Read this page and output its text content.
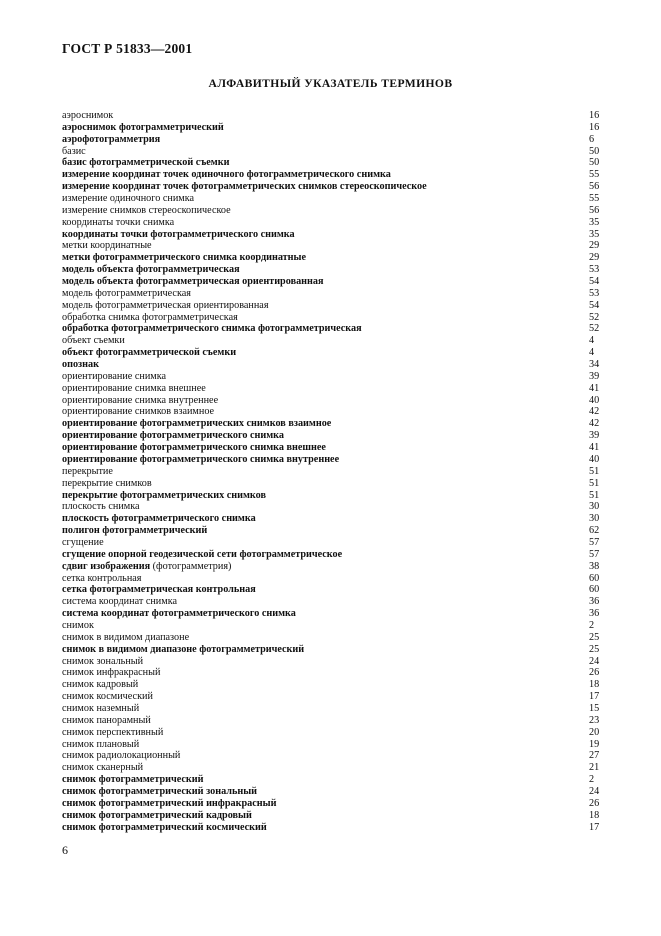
ГОСТ Р 51833—2001
АЛФАВИТНЫЙ УКАЗАТЕЛЬ ТЕРМИНОВ
аэроснимок	16
аэроснимок фотограмметрический	16
аэрофотограмметрия	6
базис	50
базис фотограмметрической съемки	50
измерение координат точек одиночного фотограмметрического снимка	55
измерение координат точек фотограмметрических снимков стереоскопическое	56
измерение одиночного снимка	55
измерение снимков стереоскопическое	56
координаты точки снимка	35
координаты точки фотограмметрического снимка	35
метки координатные	29
метки фотограмметрического снимка координатные	29
модель объекта фотограмметрическая	53
модель объекта фотограмметрическая ориентированная	54
модель фотограмметрическая	53
модель фотограмметрическая ориентированная	54
обработка снимка фотограмметрическая	52
обработка фотограмметрического снимка фотограмметрическая	52
объект съемки	4
объект фотограмметрической съемки	4
опознак	34
ориентирование снимка	39
ориентирование снимка внешнее	41
ориентирование снимка внутреннее	40
ориентирование снимков взаимное	42
ориентирование фотограмметрических снимков взаимное	42
ориентирование фотограмметрического снимка	39
ориентирование фотограмметрического снимка внешнее	41
ориентирование фотограмметрического снимка внутреннее	40
перекрытие	51
перекрытие снимков	51
перекрытие фотограмметрических снимков	51
плоскость снимка	30
плоскость фотограмметрического снимка	30
полигон фотограмметрический	62
сгущение	57
сгущение опорной геодезической сети фотограмметрическое	57
сдвиг изображения (фотограмметрия)	38
сетка контрольная	60
сетка фотограмметрическая контрольная	60
система координат снимка	36
система координат фотограмметрического снимка	36
снимок	2
снимок в видимом диапазоне	25
снимок в видимом диапазоне фотограмметрический	25
снимок зональный	24
снимок инфракрасный	26
снимок кадровый	18
снимок космический	17
снимок наземный	15
снимок панорамный	23
снимок перспективный	20
снимок плановый	19
снимок радиолокационный	27
снимок сканерный	21
снимок фотограмметрический	2
снимок фотограмметрический зональный	24
снимок фотограмметрический инфракрасный	26
снимок фотограмметрический кадровый	18
снимок фотограмметрический космический	17
6
